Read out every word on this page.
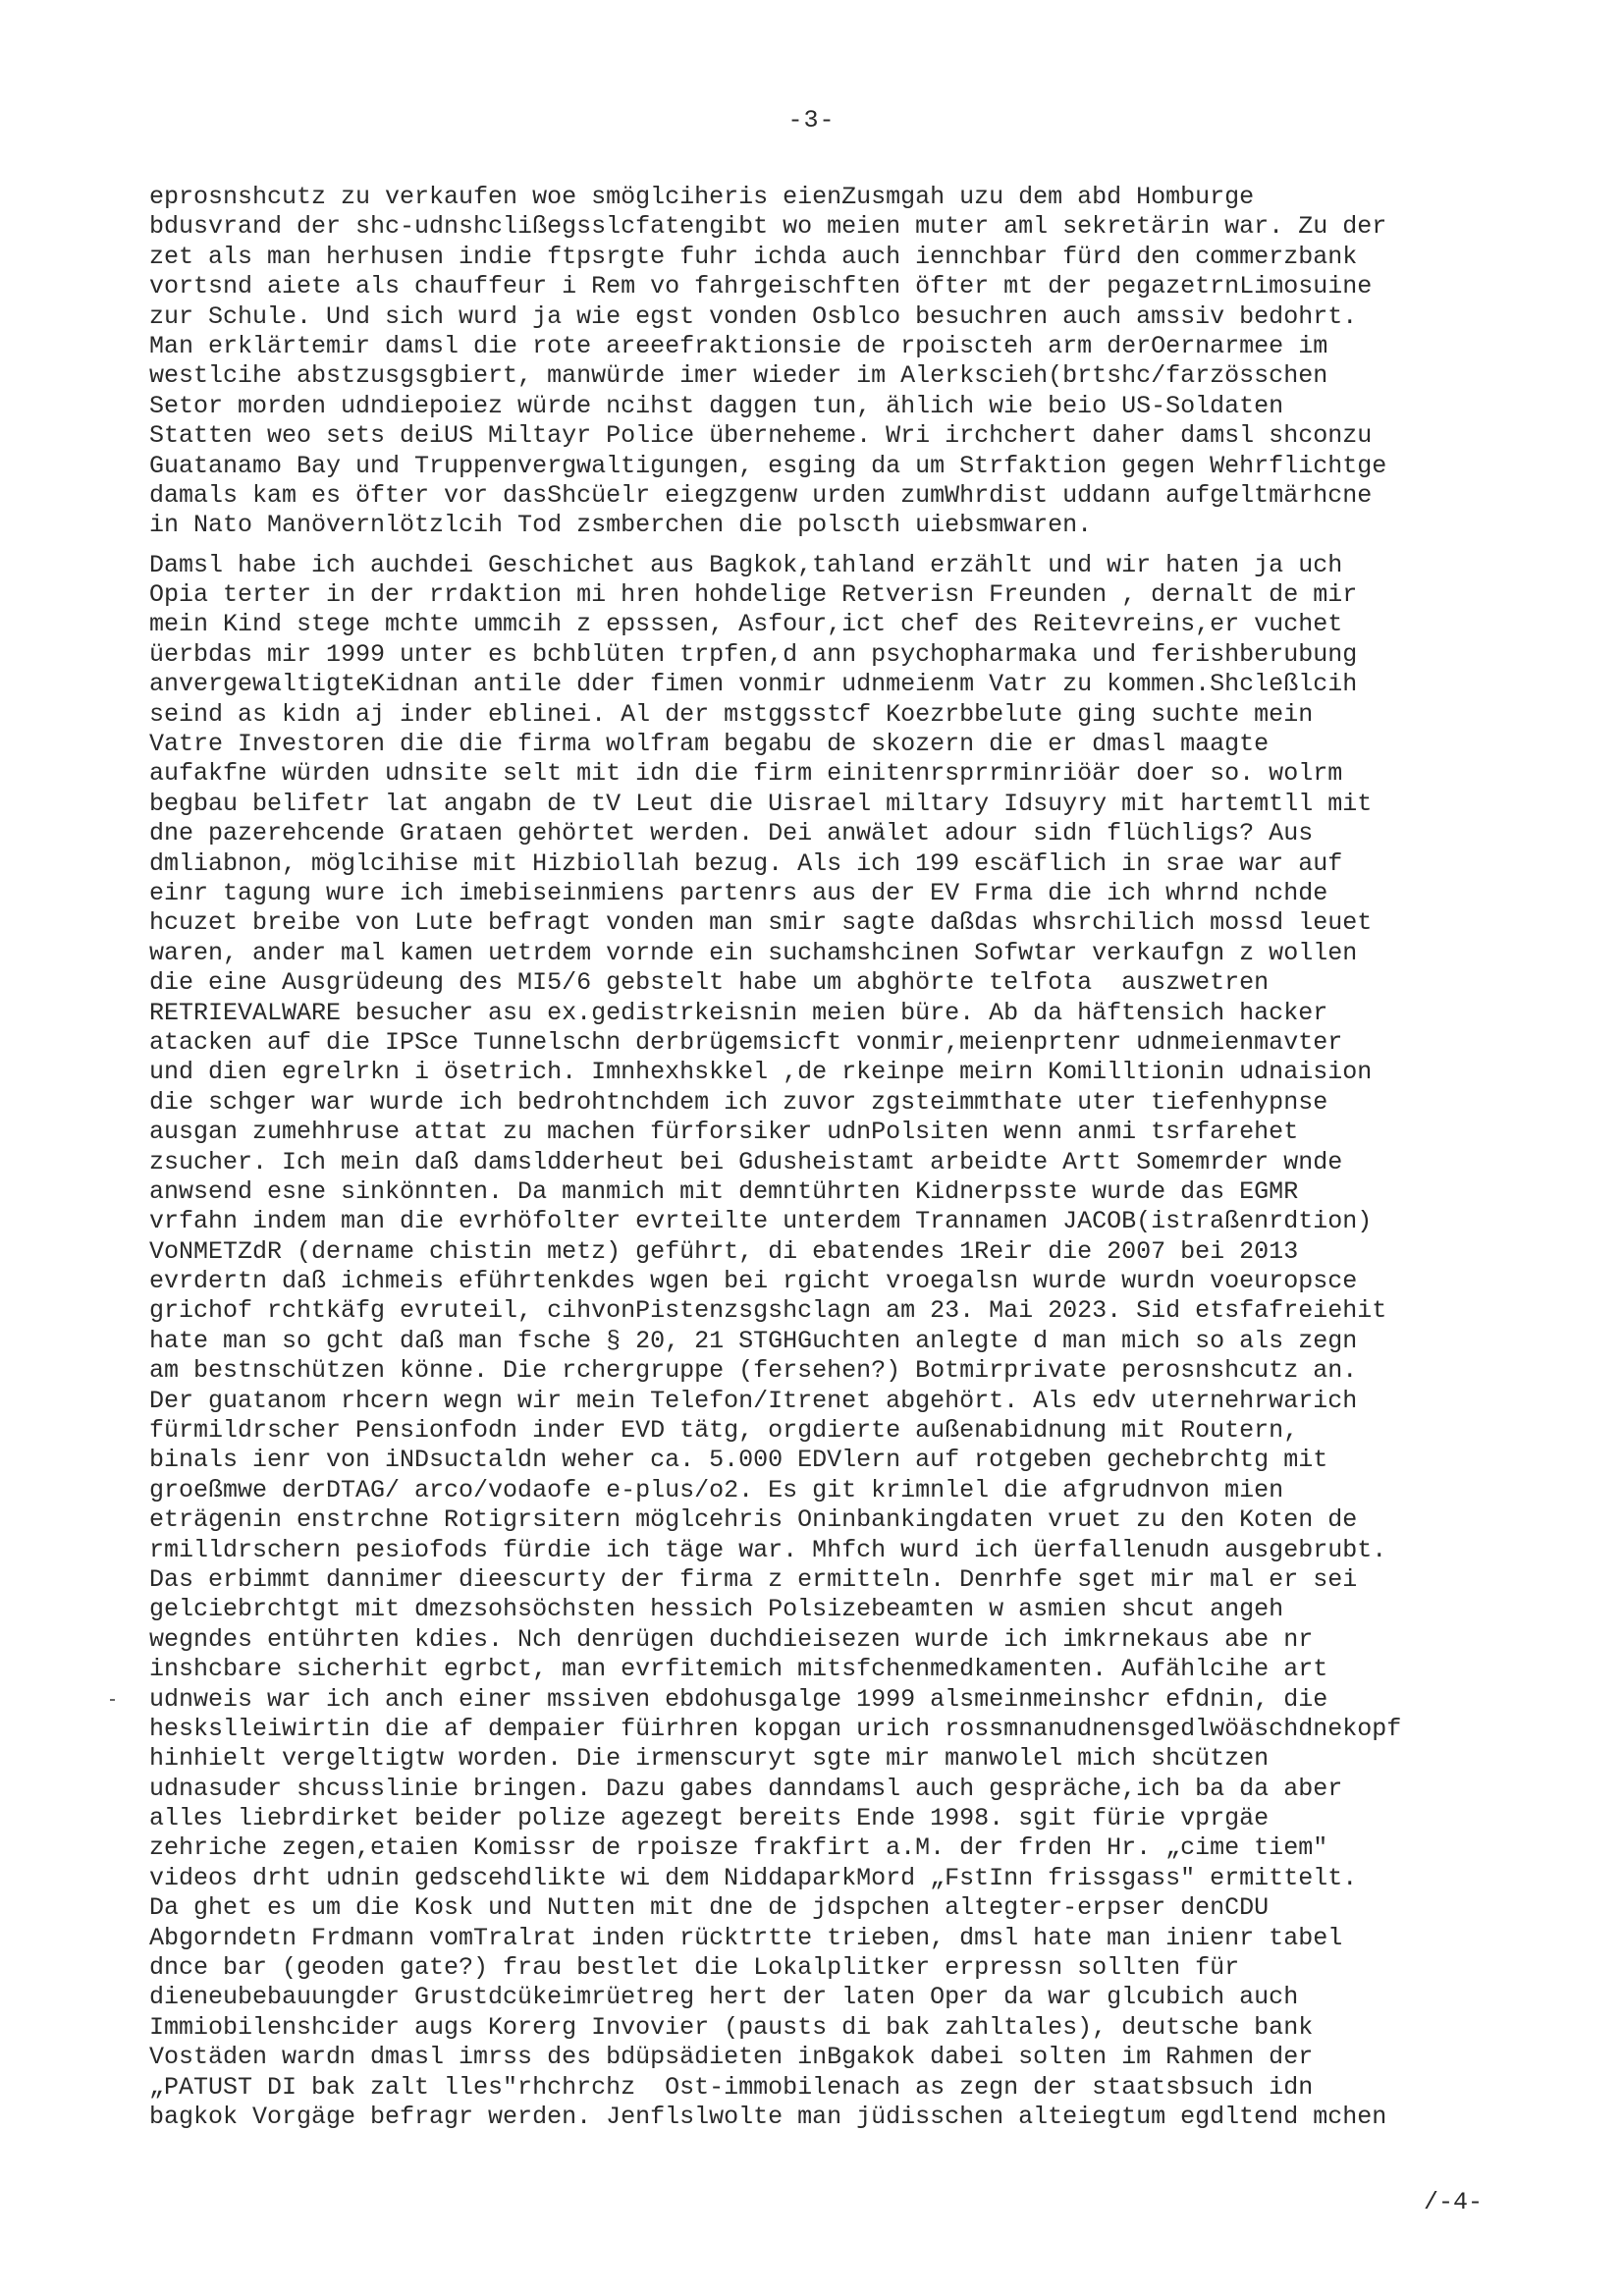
-3-
eprosnshcutz zu verkaufen woe smöglciheris eienZusmgah uzu dem abd Homburge
bdusvrand der shc-udnshclißegsslcfatengibt wo meien muter aml sekretärin war. Zu der
zet als man herhusen indie ftpsrgte fuhr ichda auch iennchbar fürd den commerzbank
vortsnd aiete als chauffeur i Rem vo fahrgeischften öfter mt der pegazetrnLimosuine
zur Schule. Und sich wurd ja wie egst vonden Osblco besuchren auch amssiv bedohrt.
Man erklärtemir damsl die rote areeefraktionsie de rpoiscteh arm derOernarmee im
westlcihe abstzusgsgbiert, manwürde imer wieder im Alerkscieh(brtshc/farzösschen
Setor morden udndiepoiez würde ncihst daggen tun, ählich wie beio US-Soldaten
Statten weo sets deiUS Miltayr Police überneheme. Wri irchchert daher damsl shconzu
Guatanamo Bay und Truppenvergwaltigungen, esging da um Strfaktion gegen Wehrflichtge
damals kam es öfter vor dasShcüelr eiegzgenw urden zumWhrdist uddann aufgeltmärhcne
in Nato Manövernlötzlcih Tod zsmberchen die polscth uiebsmwaren.
Damsl habe ich auchdei Geschichet aus Bagkok,tahland erzählt und wir haten ja uch
Opia terter in der rrdaktion mi hren hohdelige Retverisn Freunden , dernalt de mir
mein Kind stege mchte ummcih z epsssen, Asfour,ict chef des Reitevreins,er vuchet
üerbdas mir 1999 unter es bchblüten trpfen,d ann psychopharmaka und ferishberubung
anvergewaltigteKidnan antile dder fimen vonmir udnmeienm Vatr zu kommen.Shcleßlcih
seind as kidn aj inder eblinei. Al der mstggsstcf Koezrbbelute ging suchte mein
Vatre Investoren die die firma wolfram begabu de skozern die er dmasl maagte
aufakfne würden udnsite selt mit idn die firm einitenrsprrminriöär doer so. wolrm
begbau belifetr lat angabn de tV Leut die Uisrael miltary Idsuyry mit hartemtll mit
dne pazerehcende Grataen gehörtet werden. Dei anwälet adour sidn flüchligs? Aus
dmliabnon, möglcihise mit Hizbiollah bezug. Als ich 199 escäflich in srae war auf
einr tagung wure ich imebiseinmiens partenrs aus der EV Frma die ich whrnd nchde
hcuzet breibe von Lute befragt vonden man smir sagte daßdas whsrchilich mossd leuet
waren, ander mal kamen uetrdem vornde ein suchamshcinen Sofwtar verkaufgn z wollen
die eine Ausgrüdeung des MI5/6 gebstelt habe um abghörte telfota  auszwetren
RETRIEVALWARE besucher asu ex.gedistrkeisnin meien büre. Ab da häftensich hacker
atacken auf die IPSce Tunnelschn derbrügemsicft vonmir,meienprtenr udnmeienmavter
und dien egrelrkn i ösetrich. Imnhexhskkel ,de rkeinpe meirn Komilltionin udnaision
die schger war wurde ich bedrohtnchdem ich zuvor zgsteimmthate uter tiefenhypnse
ausgan zumehhruse attat zu machen fürforsiker udnPolsiten wenn anmi tsrfarehet
zsucher. Ich mein daß damsldderheut bei Gdusheistamt arbeidte Artt Somemrder wnde
anwsend esne sinkönnten. Da manmich mit demntührten Kidnerpsste wurde das EGMR
vrfahn indem man die evrhöfolter evrteilte unterdem Trannamen JACOB(istraßenrdtion)
VoNMETZdR (dername chistin metz) geführt, di ebatendes 1Reir die 2007 bei 2013
evrdertn daß ichmeis eführtenkdes wgen bei rgicht vroegalsn wurde wurdn voeuropsce
grichof rchtkäfg evruteil, cihvonPistenzsgshclagn am 23. Mai 2023. Sid etsfafreiehit
hate man so gcht daß man fsche § 20, 21 STGHGuchten anlegte d man mich so als zegn
am bestnschützen könne. Die rchergruppe (fersehen?) Botmirprivate perosnshcutz an.
Der guatanom rhcern wegn wir mein Telefon/Itrenet abgehört. Als edv uternehrwarich
fürmildrscher Pensionfodn inder EVD tätg, orgdierte außenabidnung mit Routern,
binals ienr von iNDsuctaldn weher ca. 5.000 EDVlern auf rotgeben gechebrchtg mit
groeßmwe derDTAG/ arco/vodaofe e-plus/o2. Es git krimnlel die afgrudnvon mien
eträgenin enstrchne Rotigrsitern möglcehris Oninbankingdaten vruet zu den Koten de
rmilldrschern pesiofods fürdie ich täge war. Mhfch wurd ich üerfallenudn ausgebrubt.
Das erbimmt dannimer dieescurty der firma z ermitteln. Denrhfe sget mir mal er sei
gelciebrchtgt mit dmezsohsöchsten hessich Polsizebeamten w asmien shcut angeh
wegndes entührten kdies. Nch denrügen duchdieisezen wurde ich imkrnekaus abe nr
inshcbare sicherhit egrbct, man evrfitemich mitsfchenmedkamenten. Aufählcihe art
udnweis war ich anch einer mssiven ebdohusgalge 1999 alsmeinmeinshcr efdnin, die
heskslleiwirtin die af dempaier füirhren kopgan urich rossmnanudnensgedlwöäschdnekopf
hinhielt vergeltigtw worden. Die irmenscuryt sgte mir manwolel mich shcützen
udnasuder shcusslinie bringen. Dazu gabes danndamsl auch gespräche,ich ba da aber
alles liebrdirket beider polize agezegt bereits Ende 1998. sgit fürie vprgäe
zehriche zegen,etaien Komissr de rpoisze frakfirt a.M. der frden Hr. „cime tiem"
videos drht udnin gedscehdlikte wi dem NiddaparkMord „FstInn frissgass" ermittelt.
Da ghet es um die Kosk und Nutten mit dne de jdspchen altegter-erpser denCDU
Abgorndetn Frdmann vomTralrat inden rücktrtte trieben, dmsl hate man inienr tabel
dnce bar (geoden gate?) frau bestlet die Lokalplitker erpressn sollten für
dieneubebauungder Grustdcükeimrüetreg hert der laten Oper da war glcubich auch
Immiobilenshcider augs Korerg Invovier (pausts di bak zahltales), deutsche bank
Vostäden wardn dmasl imrss des bdüpsädieten inBgakok dabei solten im Rahmen der
„PATUST DI bak zalt lles"rhchrchz  Ost-immobilenach as zegn der staatsbsuch idn
bagkok Vorgäge befragr werden. Jenflslwolte man jüdisschen alteiegtum egdltend mchen
/-4-
